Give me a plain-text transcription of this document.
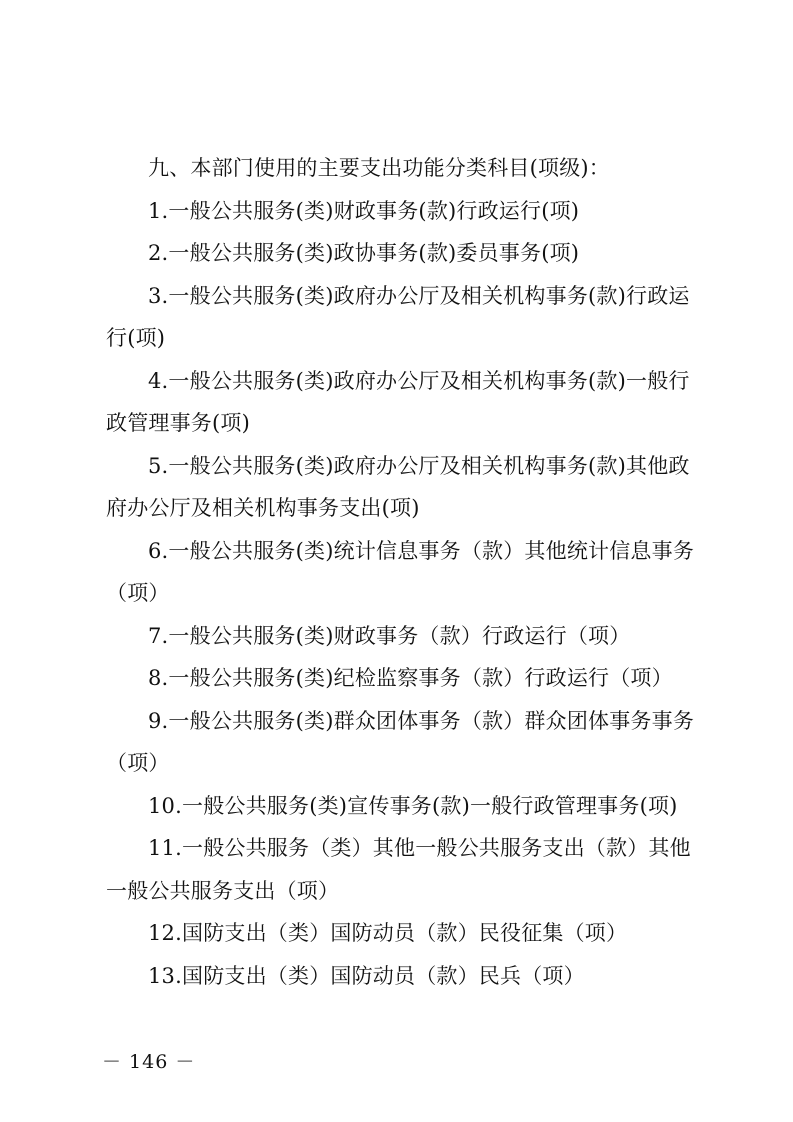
九、本部门使用的主要支出功能分类科目(项级)：

1.一般公共服务(类)财政事务(款)行政运行(项)

2.一般公共服务(类)政协事务(款)委员事务(项)

3.一般公共服务(类)政府办公厅及相关机构事务(款)行政运行(项)

4.一般公共服务(类)政府办公厅及相关机构事务(款)一般行政管理事务(项)

5.一般公共服务(类)政府办公厅及相关机构事务(款)其他政府办公厅及相关机构事务支出(项)

6.一般公共服务(类)统计信息事务（款）其他统计信息事务（项）

7.一般公共服务(类)财政事务（款）行政运行（项）

8.一般公共服务(类)纪检监察事务（款）行政运行（项）

9.一般公共服务(类)群众团体事务（款）群众团体事务事务（项）

10.一般公共服务(类)宣传事务(款)一般行政管理事务(项)

11.一般公共服务（类）其他一般公共服务支出（款）其他一般公共服务支出（项）

12.国防支出（类）国防动员（款）民役征集（项）

13.国防支出（类）国防动员（款）民兵（项）

－ 146 －
